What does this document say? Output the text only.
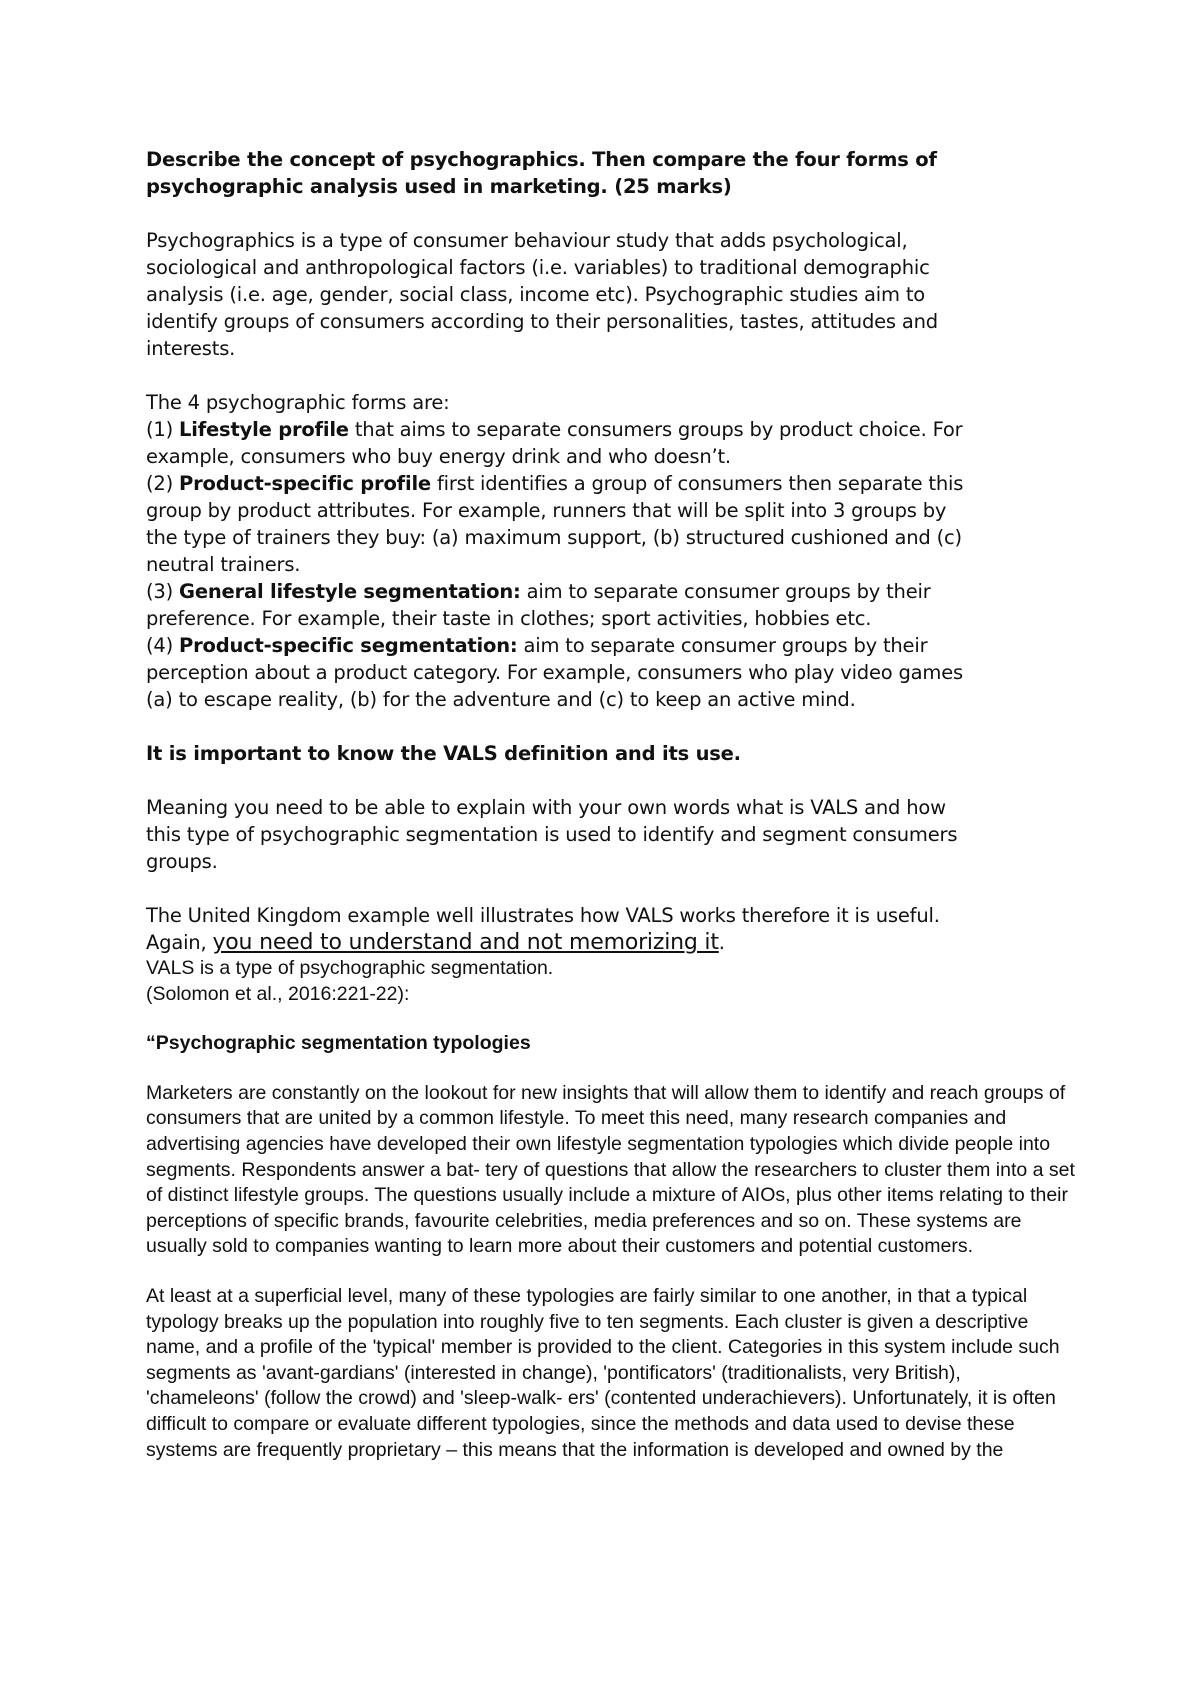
Describe the concept of psychographics. Then compare the four forms of psychographic analysis used in marketing. (25 marks)

Psychographics is a type of consumer behaviour study that adds psychological, sociological and anthropological factors (i.e. variables) to traditional demographic analysis (i.e. age, gender, social class, income etc). Psychographic studies aim to identify groups of consumers according to their personalities, tastes, attitudes and interests.

The 4 psychographic forms are:

(1) Lifestyle profile that aims to separate consumers groups by product choice. For example, consumers who buy energy drink and who doesn’t.

(2) Product-specific profile first identifies a group of consumers then separate this group by product attributes. For example, runners that will be split into 3 groups by the type of trainers they buy: (a) maximum support, (b) structured cushioned and (c) neutral trainers.

(3) General lifestyle segmentation: aim to separate consumer groups by their preference. For example, their taste in clothes; sport activities, hobbies etc.

(4) Product-specific segmentation: aim to separate consumer groups by their perception about a product category. For example, consumers who play video games (a) to escape reality, (b) for the adventure and (c) to keep an active mind.

It is important to know the VALS definition and its use.

Meaning you need to be able to explain with your own words what is VALS and how this type of psychographic segmentation is used to identify and segment consumers groups.

The United Kingdom example well illustrates how VALS works therefore it is useful.

Again, you need to understand and not memorizing it.

VALS is a type of psychographic segmentation.

(Solomon et al., 2016:221-22):

“Psychographic segmentation typologies

Marketers are constantly on the lookout for new insights that will allow them to identify and reach groups of consumers that are united by a common lifestyle. To meet this need, many research companies and advertising agencies have developed their own lifestyle segmentation typologies which divide people into segments. Respondents answer a bat- tery of questions that allow the researchers to cluster them into a set of distinct lifestyle groups. The questions usually include a mixture of AIOs, plus other items relating to their perceptions of specific brands, favourite celebrities, media preferences and so on. These systems are usually sold to companies wanting to learn more about their customers and potential customers.

At least at a superficial level, many of these typologies are fairly similar to one another, in that a typical typology breaks up the population into roughly five to ten segments. Each cluster is given a descriptive name, and a profile of the 'typical' member is provided to the client. Categories in this system include such segments as 'avant-gardians' (interested in change), 'pontificators' (traditionalists, very British), 'chameleons' (follow the crowd) and 'sleep-walk- ers' (contented underachievers). Unfortunately, it is often difficult to compare or evaluate different typologies, since the methods and data used to devise these systems are frequently proprietary – this means that the information is developed and owned by the
